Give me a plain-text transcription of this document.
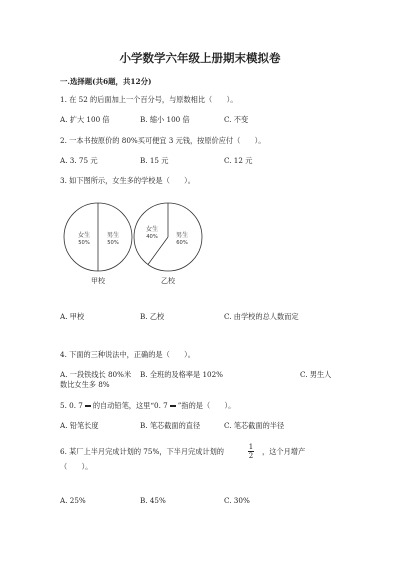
小学数学六年级上册期末模拟卷
一.选择题(共6题，共12分)
1. 在 52 的后面加上一个百分号，与原数相比（　　）。
A. 扩大 100 倍	B. 缩小 100 倍	C. 不变
2. 一本书按原价的 80%买可便宜 3 元钱，按原价应付（　　）。
A. 3. 75 元	B. 15 元	C. 12 元
3. 如下图所示，女生多的学校是（　　）。
女生
50%
男生
50%
甲校
女生
40%	男生
60%
乙校
A. 甲校	B. 乙校	C. 由学校的总人数而定
4. 下面的三种说法中，正确的是（　　）。
A. 一段铁线长 80%米
数比女生多 8%
B. 全班的及格率是 102%	C. 男生人
5. 0. 7 的自动铅笔，这里“0. 7 ”指的是（　　）。
A. 铅笔长度	B. 笔芯截面的直径	C. 笔芯截面的半径
6. 某厂上半月完成计划的 75%，下半月完成计划的	1
2 ，这个月增产
（　　）。
A. 25%	B. 45%	C. 30%
